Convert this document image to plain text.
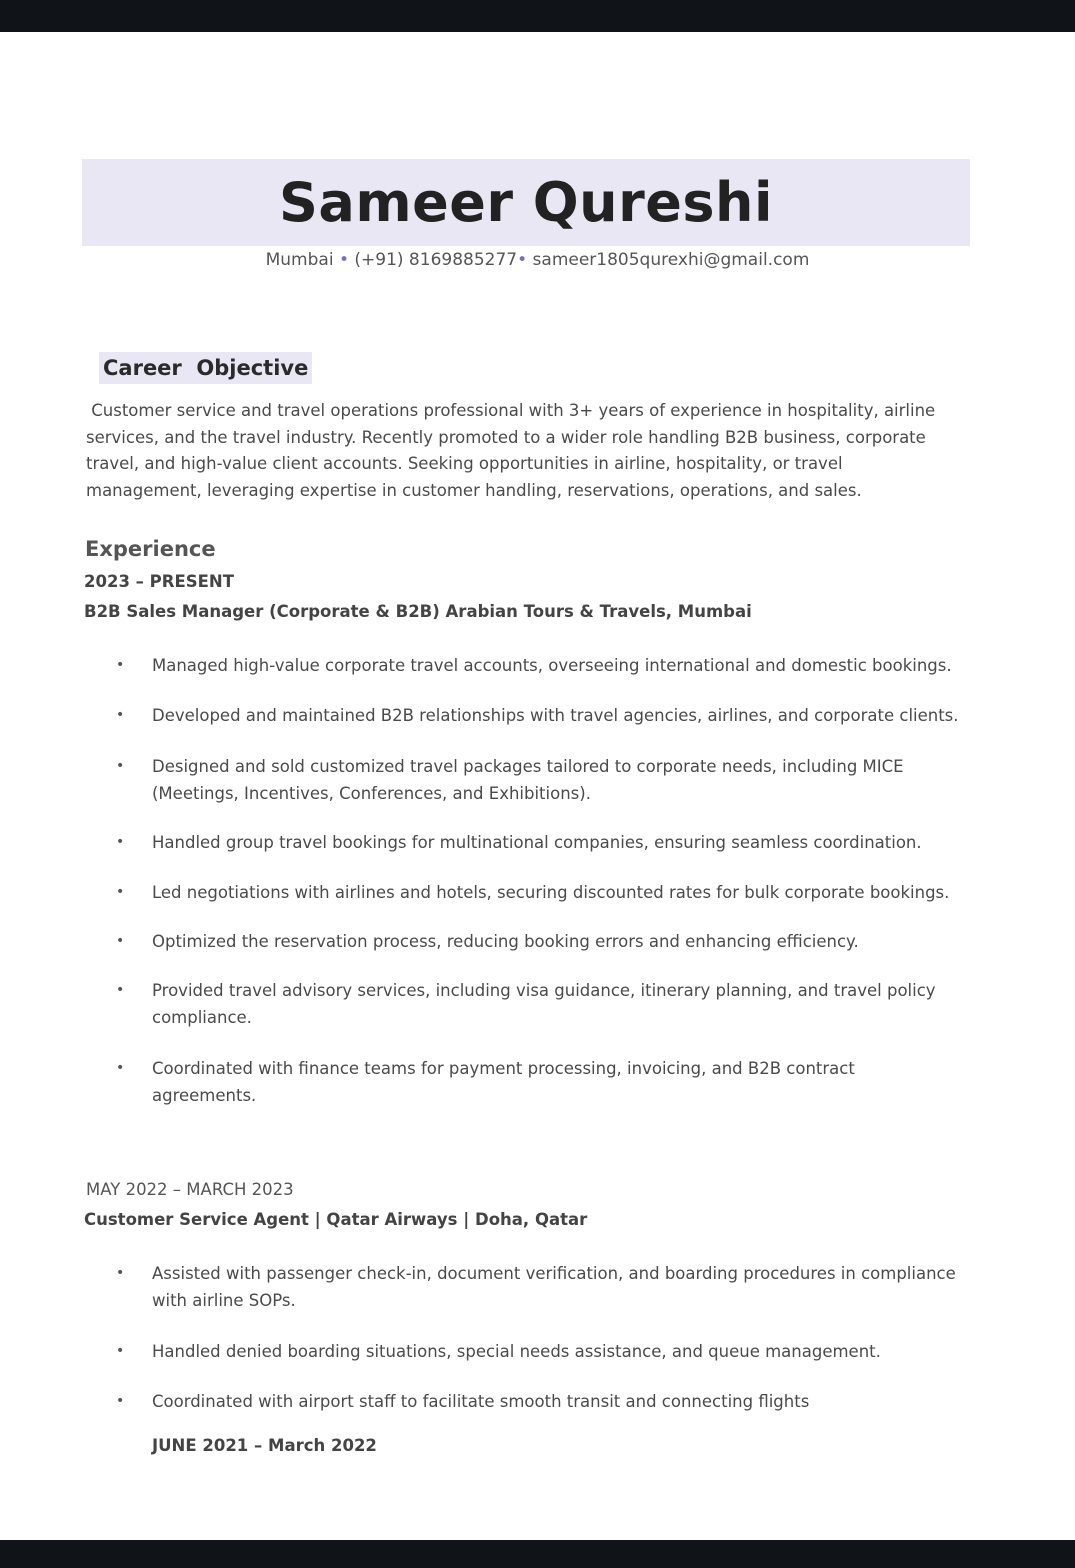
Sameer Qureshi
Mumbai • (+91) 8169885277• sameer1805qurexhi@gmail.com
Career  Objective
Customer service and travel operations professional with 3+ years of experience in hospitality, airline
services, and the travel industry. Recently promoted to a wider role handling B2B business, corporate
travel, and high-value client accounts. Seeking opportunities in airline, hospitality, or travel
management, leveraging expertise in customer handling, reservations, operations, and sales.
Experience
2023 – PRESENT
B2B Sales Manager (Corporate & B2B) Arabian Tours & Travels, Mumbai
• Managed high-value corporate travel accounts, overseeing international and domestic bookings.
• Developed and maintained B2B relationships with travel agencies, airlines, and corporate clients.
• Designed and sold customized travel packages tailored to corporate needs, including MICE
(Meetings, Incentives, Conferences, and Exhibitions).
• Handled group travel bookings for multinational companies, ensuring seamless coordination.
• Led negotiations with airlines and hotels, securing discounted rates for bulk corporate bookings.
• Optimized the reservation process, reducing booking errors and enhancing efficiency.
• Provided travel advisory services, including visa guidance, itinerary planning, and travel policy
compliance.
• Coordinated with finance teams for payment processing, invoicing, and B2B contract
agreements.
MAY 2022 – MARCH 2023
Customer Service Agent | Qatar Airways | Doha, Qatar
• Assisted with passenger check-in, document verification, and boarding procedures in compliance
with airline SOPs.
• Handled denied boarding situations, special needs assistance, and queue management.
• Coordinated with airport staff to facilitate smooth transit and connecting flights
JUNE 2021 – March 2022
